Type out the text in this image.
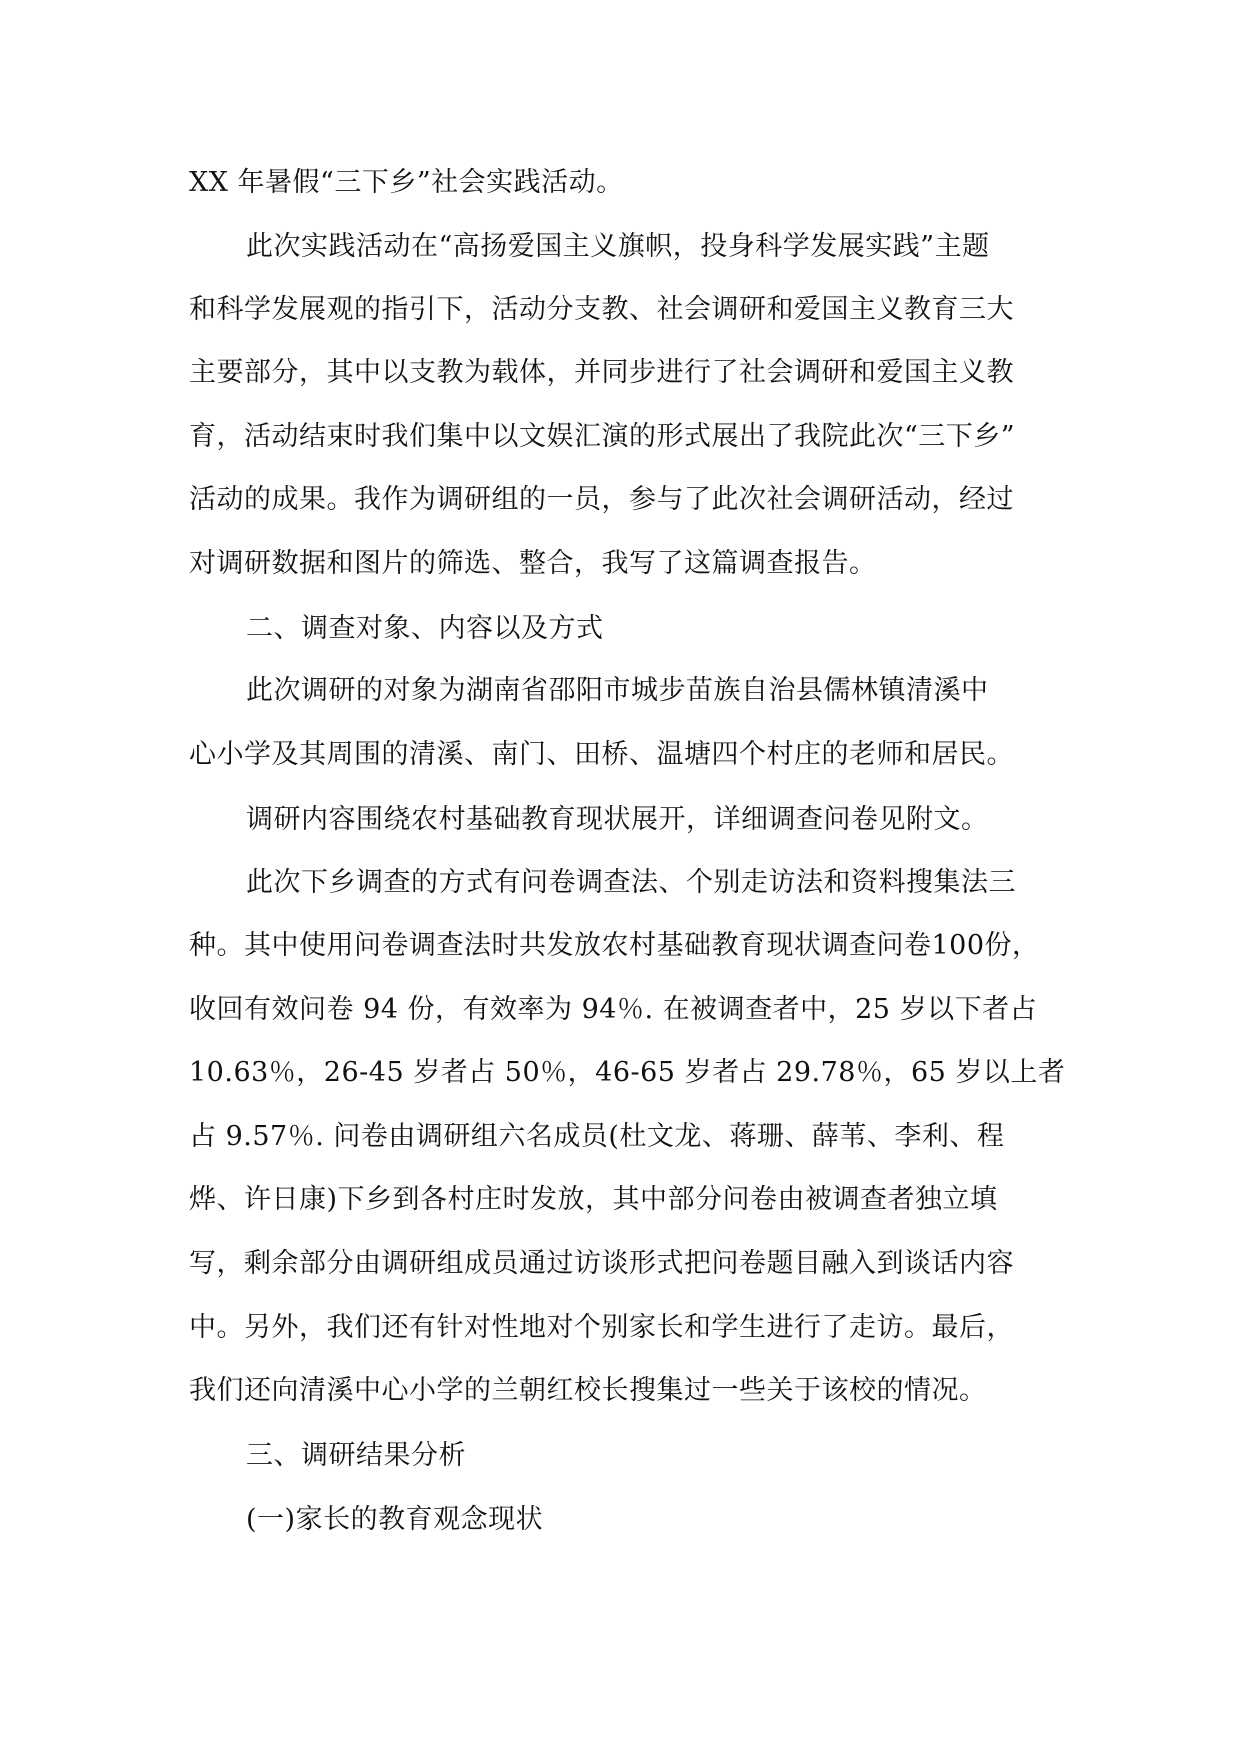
XX 年暑假“三下乡”社会实践活动。
此次实践活动在“高扬爱国主义旗帜，投身科学发展实践”主题
和科学发展观的指引下，活动分支教、社会调研和爱国主义教育三大
主要部分，其中以支教为载体，并同步进行了社会调研和爱国主义教
育，活动结束时我们集中以文娱汇演的形式展出了我院此次“三下乡”
活动的成果。我作为调研组的一员，参与了此次社会调研活动，经过
对调研数据和图片的筛选、整合，我写了这篇调查报告。
二、调查对象、内容以及方式
此次调研的对象为湖南省邵阳市城步苗族自治县儒林镇清溪中
心小学及其周围的清溪、南门、田桥、温塘四个村庄的老师和居民。
调研内容围绕农村基础教育现状展开，详细调查问卷见附文。
此次下乡调查的方式有问卷调查法、个别走访法和资料搜集法三
种。其中使用问卷调查法时共发放农村基础教育现状调查问卷100份，
收回有效问卷 94 份，有效率为 94％. 在被调查者中，25 岁以下者占
10.63％，26-45 岁者占 50％，46-65 岁者占 29.78％，65 岁以上者
占 9.57％. 问卷由调研组六名成员(杜文龙、蒋珊、薛苇、李利、程
烨、许日康)下乡到各村庄时发放，其中部分问卷由被调查者独立填
写，剩余部分由调研组成员通过访谈形式把问卷题目融入到谈话内容
中。另外，我们还有针对性地对个别家长和学生进行了走访。最后，
我们还向清溪中心小学的兰朝红校长搜集过一些关于该校的情况。
三、调研结果分析
(一)家长的教育观念现状
